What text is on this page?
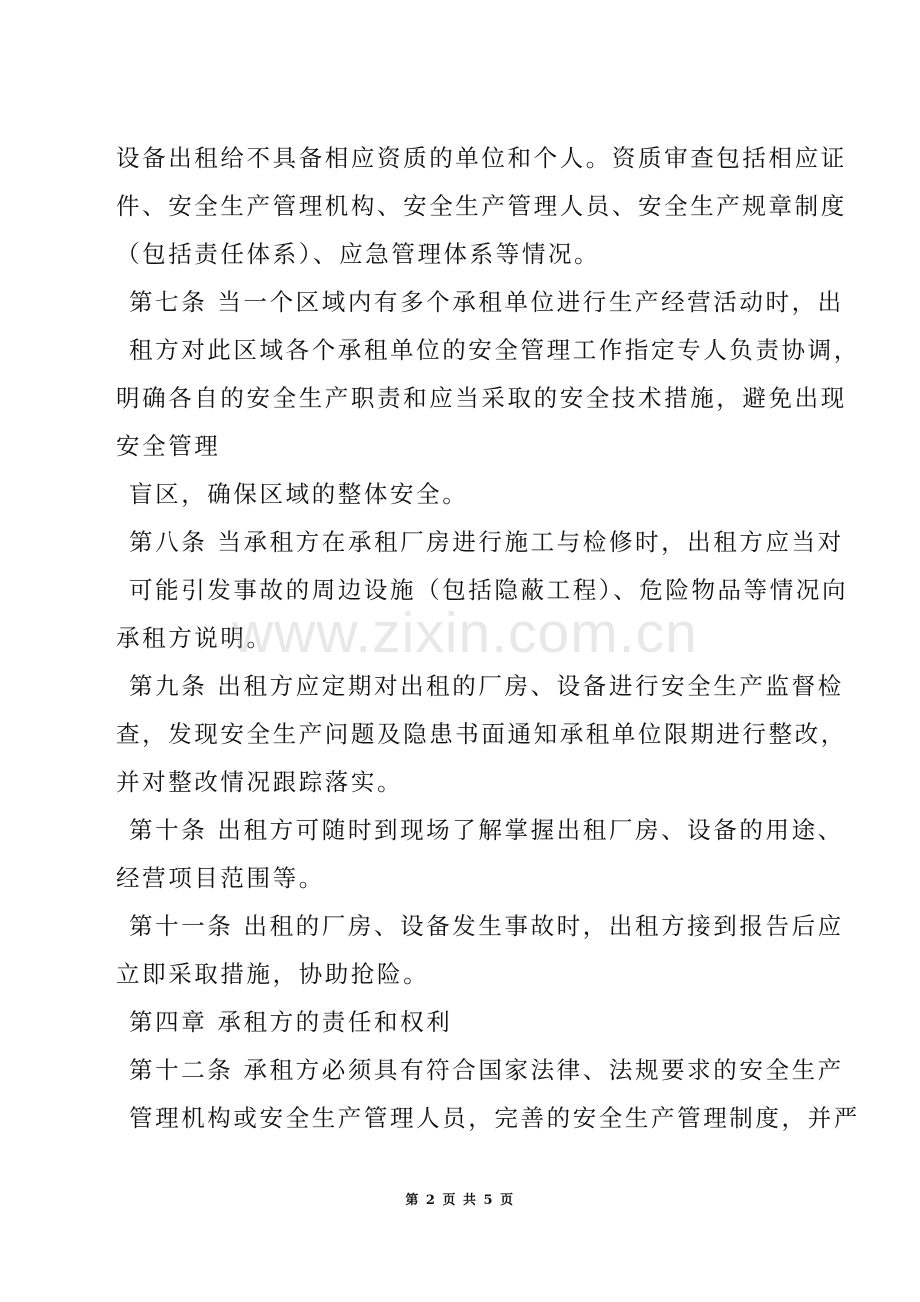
设备出租给不具备相应资质的单位和个人。资质审查包括相应证
件、安全生产管理机构、安全生产管理人员、安全生产规章制度
（包括责任体系）、应急管理体系等情况。
第七条 当一个区域内有多个承租单位进行生产经营活动时，出
租方对此区域各个承租单位的安全管理工作指定专人负责协调，
明确各自的安全生产职责和应当采取的安全技术措施，避免出现
安全管理
盲区，确保区域的整体安全。
第八条 当承租方在承租厂房进行施工与检修时，出租方应当对
可能引发事故的周边设施（包括隐蔽工程）、危险物品等情况向
承租方说明。
第九条 出租方应定期对出租的厂房、设备进行安全生产监督检
查，发现安全生产问题及隐患书面通知承租单位限期进行整改，
并对整改情况跟踪落实。
第十条 出租方可随时到现场了解掌握出租厂房、设备的用途、
经营项目范围等。
第十一条 出租的厂房、设备发生事故时，出租方接到报告后应
立即采取措施，协助抢险。
第四章 承租方的责任和权利
第十二条 承租方必须具有符合国家法律、法规要求的安全生产
管理机构或安全生产管理人员，完善的安全生产管理制度，并严
www.zixin.com.cn
第 2 页 共 5 页
